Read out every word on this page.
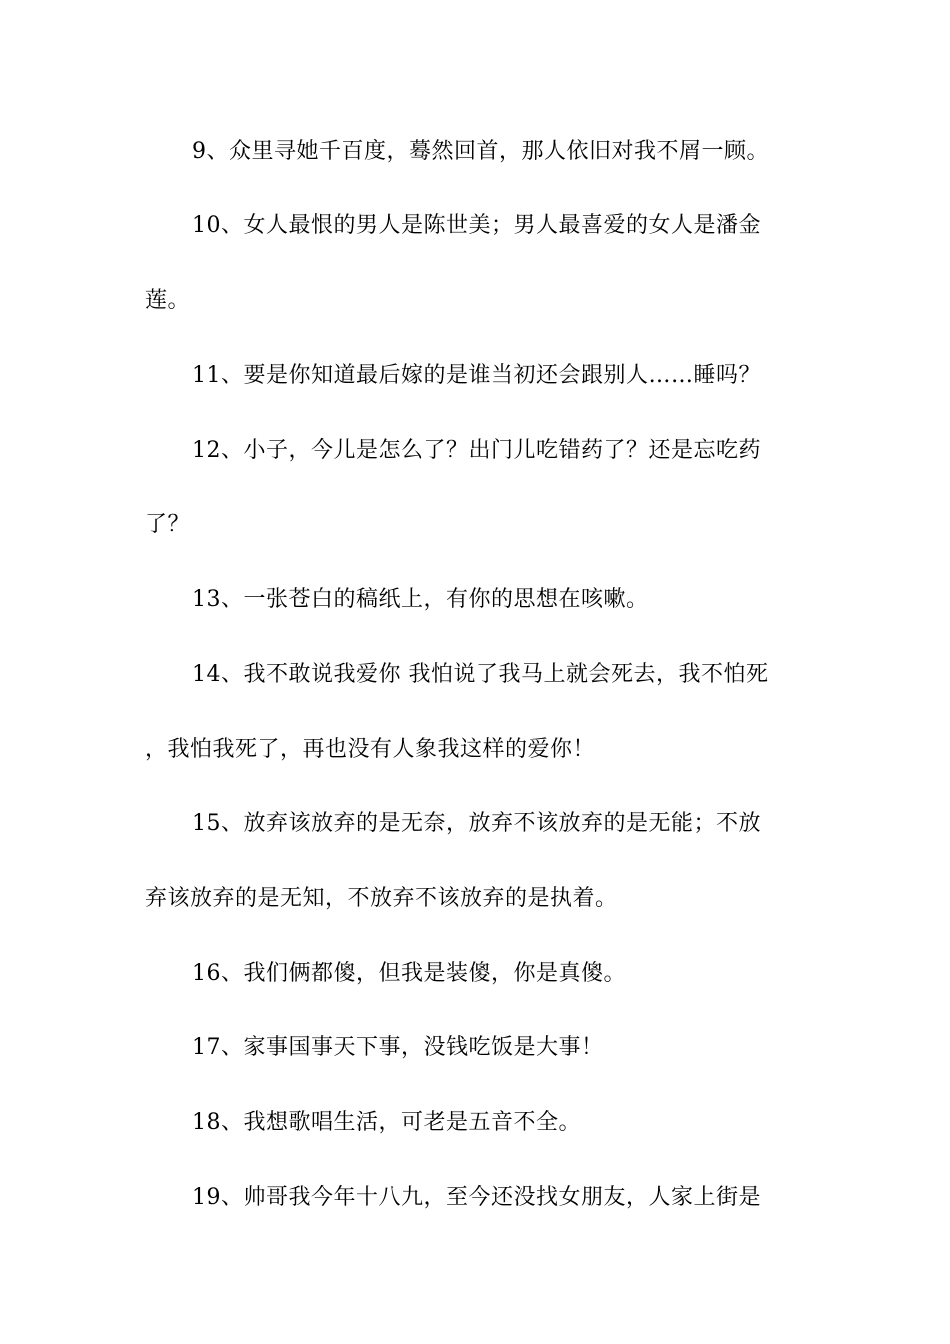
9、众里寻她千百度，蓦然回首，那人依旧对我不屑一顾。
10、女人最恨的男人是陈世美；男人最喜爱的女人是潘金
莲。
11、要是你知道最后嫁的是谁当初还会跟别人……睡吗？
12、小子，今儿是怎么了？出门儿吃错药了？还是忘吃药
了？
13、一张苍白的稿纸上，有你的思想在咳嗽。
14、我不敢说我爱你 我怕说了我马上就会死去，我不怕死
，我怕我死了，再也没有人象我这样的爱你！
15、放弃该放弃的是无奈，放弃不该放弃的是无能；不放
弃该放弃的是无知，不放弃不该放弃的是执着。
16、我们俩都傻，但我是装傻，你是真傻。
17、家事国事天下事，没钱吃饭是大事！
18、我想歌唱生活，可老是五音不全。
19、帅哥我今年十八九，至今还没找女朋友，人家上街是
